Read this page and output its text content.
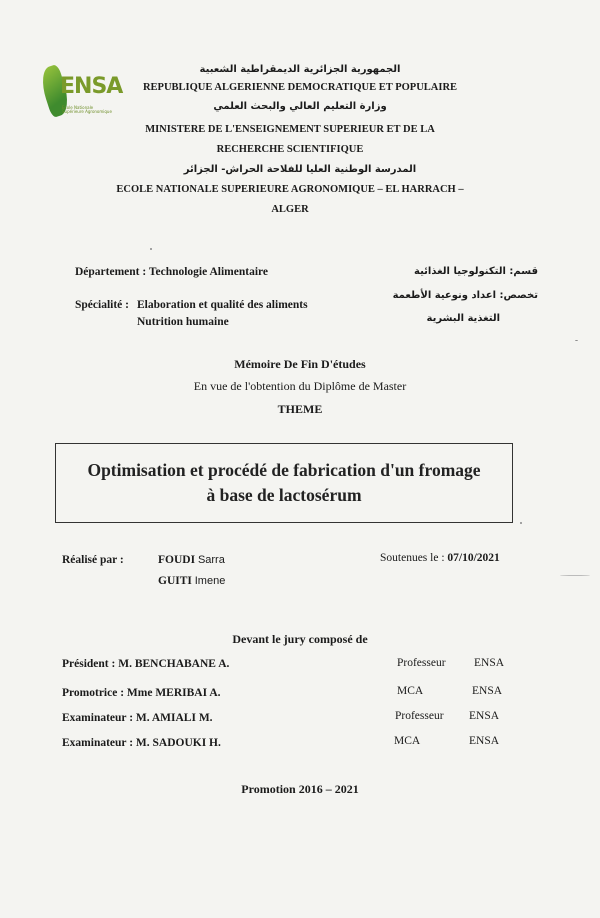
ENSA
Ecole Nationale Supérieure Agronomique
الجمهورية الجزائرية الديمقراطية الشعبية
REPUBLIQUE ALGERIENNE DEMOCRATIQUE ET POPULAIRE
وزارة التعليم العالي والبحث العلمي
MINISTERE DE L'ENSEIGNEMENT SUPERIEUR ET DE LA
RECHERCHE SCIENTIFIQUE
المدرسة الوطنية العليا للفلاحة الحراش- الجزائر
ECOLE NATIONALE SUPERIEURE AGRONOMIQUE – EL HARRACH –
ALGER
Département : Technologie Alimentaire	قسم: التكنولوجيا الغذائية
Spécialité : Elaboration et qualité des aliments
Nutrition humaine
تخصص: اعداد ونوعية الأطعمة
التغذية البشرية
Mémoire De Fin D'études
En vue de l'obtention du Diplôme de Master
THEME
Optimisation et procédé de fabrication d'un fromage
à base de lactosérum
Réalisé par :	FOUDI Sarra
GUITI Imene
Soutenues le : 07/10/2021
Devant le jury composé de
Président : M. BENCHABANE A.	Professeur ENSA
Promotrice : Mme MERIBAI A.	MCA	ENSA
Examinateur : M. AMIALI M.	Professeur ENSA
Examinateur : M. SADOUKI H.	MCA	ENSA
Promotion 2016 – 2021
